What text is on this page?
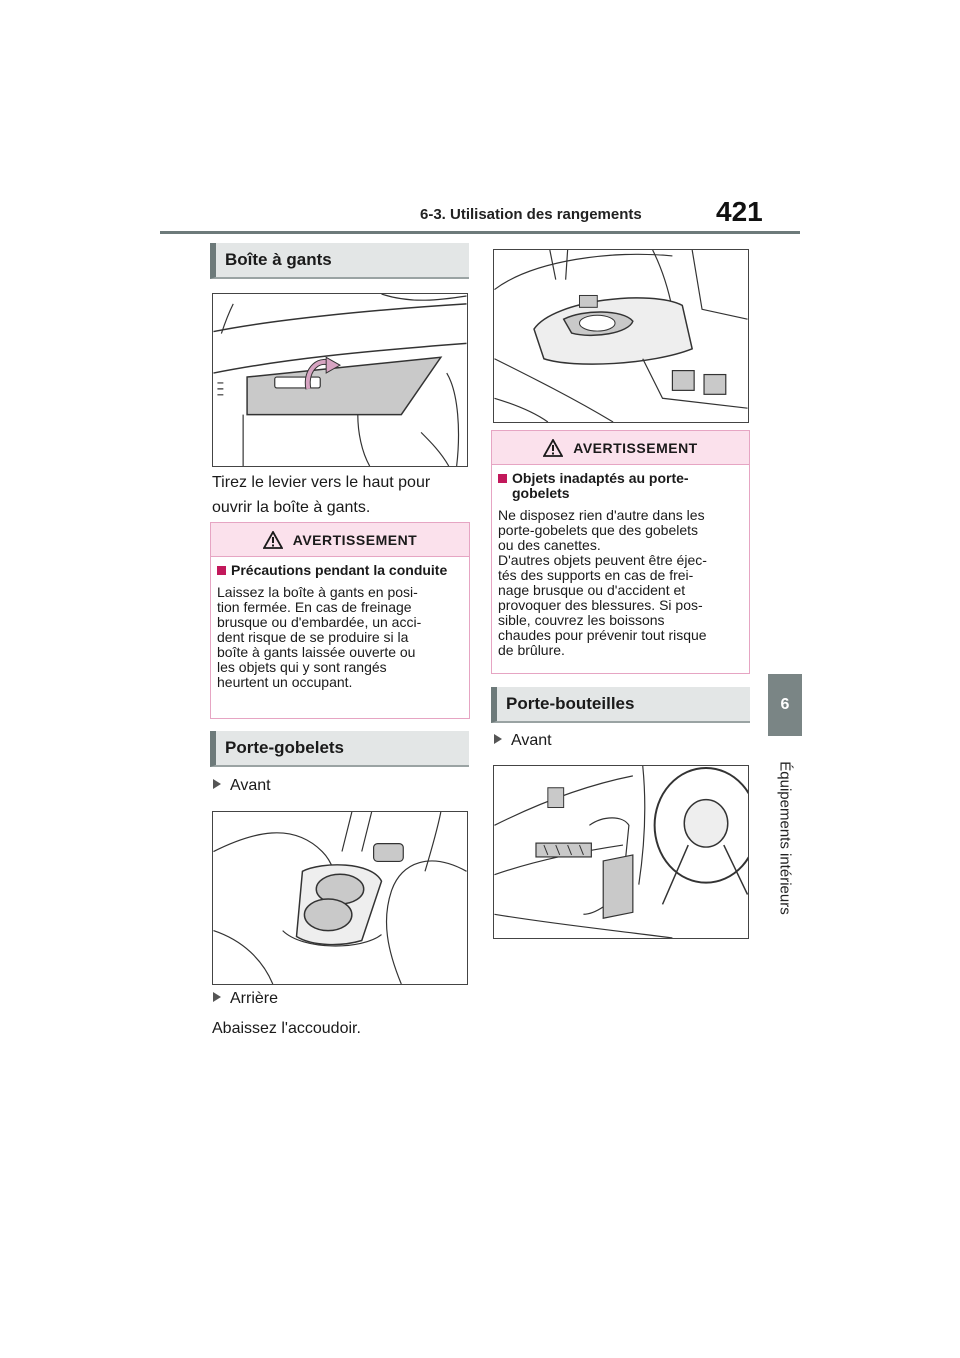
6-3. Utilisation des rangements	421
6
Équipements intérieurs
Boîte à gants
Tirez le levier vers le haut pour ouvrir la boîte à gants.
AVERTISSEMENT
Précautions pendant la conduite
Laissez la boîte à gants en posi-
tion fermée. En cas de freinage
brusque ou d'embardée, un acci-
dent risque de se produire si la
boîte à gants laissée ouverte ou
les objets qui y sont rangés
heurtent un occupant.
Porte-gobelets
Avant
Arrière
Abaissez l'accoudoir.
AVERTISSEMENT
Objets inadaptés au porte-gobelets
Ne disposez rien d'autre dans les
porte-gobelets que des gobelets
ou des canettes.
D'autres objets peuvent être éjec-
tés des supports en cas de frei-
nage brusque ou d'accident et
provoquer des blessures. Si pos-
sible, couvrez les boissons
chaudes pour prévenir tout risque
de brûlure.
Porte-bouteilles
Avant
